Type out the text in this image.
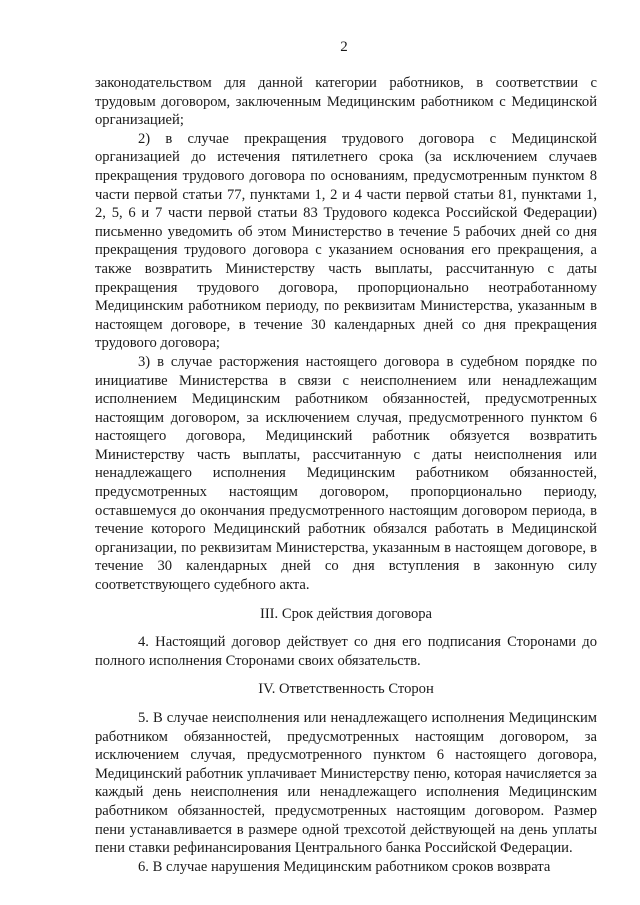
2

законодательством для данной категории работников, в соответствии с трудовым договором, заключенным Медицинским работником с Медицинской организацией;

2) в случае прекращения трудового договора с Медицинской организацией до истечения пятилетнего срока (за исключением случаев прекращения трудового договора по основаниям, предусмотренным пунктом 8 части первой статьи 77, пунктами 1, 2 и 4 части первой статьи 81, пунктами 1, 2, 5, 6 и 7 части первой статьи 83 Трудового кодекса Российской Федерации) письменно уведомить об этом Министерство в течение 5 рабочих дней со дня прекращения трудового договора с указанием основания его прекращения, а также возвратить Министерству часть выплаты, рассчитанную с даты прекращения трудового договора, пропорционально неотработанному Медицинским работником периоду, по реквизитам Министерства, указанным в настоящем договоре, в течение 30 календарных дней со дня прекращения трудового договора;

3) в случае расторжения настоящего договора в судебном порядке по инициативе Министерства в связи с неисполнением или ненадлежащим исполнением Медицинским работником обязанностей, предусмотренных настоящим договором, за исключением случая, предусмотренного пунктом 6 настоящего договора, Медицинский работник обязуется возвратить Министерству часть выплаты, рассчитанную с даты неисполнения или ненадлежащего исполнения Медицинским работником обязанностей, предусмотренных настоящим договором, пропорционально периоду, оставшемуся до окончания предусмотренного настоящим договором периода, в течение которого Медицинский работник обязался работать в Медицинской организации, по реквизитам Министерства, указанным в настоящем договоре, в течение 30 календарных дней со дня вступления в законную силу соответствующего судебного акта.

III. Срок действия договора

4. Настоящий договор действует со дня его подписания Сторонами до полного исполнения Сторонами своих обязательств.

IV. Ответственность Сторон

5. В случае неисполнения или ненадлежащего исполнения Медицинским работником обязанностей, предусмотренных настоящим договором, за исключением случая, предусмотренного пунктом 6 настоящего договора, Медицинский работник уплачивает Министерству пеню, которая начисляется за каждый день неисполнения или ненадлежащего исполнения Медицинским работником обязанностей, предусмотренных настоящим договором. Размер пени устанавливается в размере одной трехсотой действующей на день уплаты пени ставки рефинансирования Центрального банка Российской Федерации.

6. В случае нарушения Медицинским работником сроков возврата
